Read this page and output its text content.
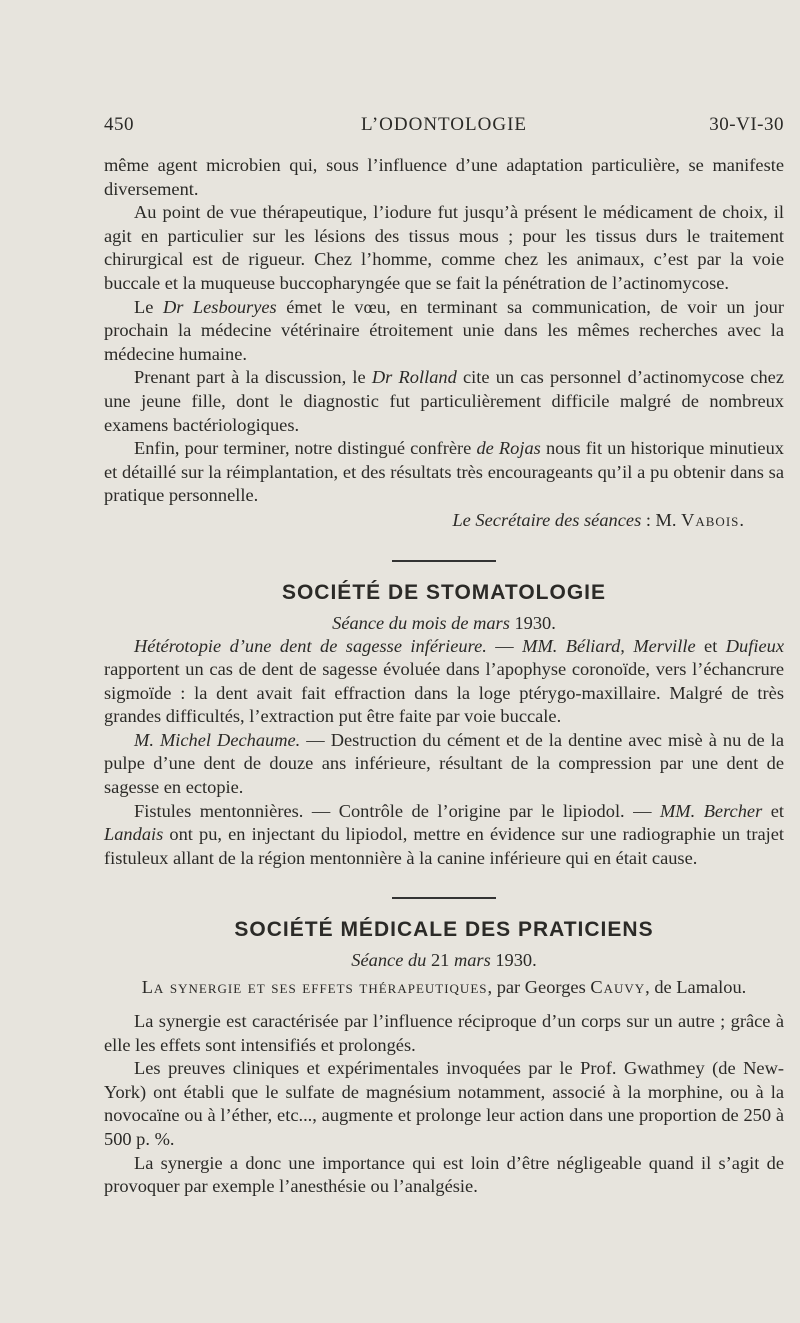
450	L’ODONTOLOGIE	30-VI-30

même agent microbien qui, sous l’influence d’une adaptation particulière, se manifeste diversement.

Au point de vue thérapeutique, l’iodure fut jusqu’à présent le médicament de choix, il agit en particulier sur les lésions des tissus mous ; pour les tissus durs le traitement chirurgical est de rigueur. Chez l’homme, comme chez les animaux, c’est par la voie buccale et la muqueuse buccopharyngée que se fait la pénétration de l’actinomycose.

Le Dr Lesbouryes émet le vœu, en terminant sa communication, de voir un jour prochain la médecine vétérinaire étroitement unie dans les mêmes recherches avec la médecine humaine.

Prenant part à la discussion, le Dr Rolland cite un cas personnel d’actinomycose chez une jeune fille, dont le diagnostic fut particulièrement difficile malgré de nombreux examens bactériologiques.

Enfin, pour terminer, notre distingué confrère de Rojas nous fit un historique minutieux et détaillé sur la réimplantation, et des résultats très encourageants qu’il a pu obtenir dans sa pratique personnelle.

Le Secrétaire des séances : M. Vabois.

SOCIÉTÉ DE STOMATOLOGIE
Séance du mois de mars 1930.

Hétérotopie d’une dent de sagesse inférieure. — MM. Béliard, Merville et Dufieux rapportent un cas de dent de sagesse évoluée dans l’apophyse coronoïde, vers l’échancrure sigmoïde : la dent avait fait effraction dans la loge ptérygo-maxillaire. Malgré de très grandes difficultés, l’extraction put être faite par voie buccale.

M. Michel Dechaume. — Destruction du cément et de la dentine avec misè à nu de la pulpe d’une dent de douze ans inférieure, résultant de la compression par une dent de sagesse en ectopie.

Fistules mentonnières. — Contrôle de l’origine par le lipiodol. — MM. Bercher et Landais ont pu, en injectant du lipiodol, mettre en évidence sur une radiographie un trajet fistuleux allant de la région mentonnière à la canine inférieure qui en était cause.

SOCIÉTÉ MÉDICALE DES PRATICIENS
Séance du 21 mars 1930.
La synergie et ses effets thérapeutiques, par Georges Cauvy, de Lamalou.

La synergie est caractérisée par l’influence réciproque d’un corps sur un autre ; grâce à elle les effets sont intensifiés et prolongés.

Les preuves cliniques et expérimentales invoquées par le Prof. Gwathmey (de New-York) ont établi que le sulfate de magnésium notamment, associé à la morphine, ou à la novocaïne ou à l’éther, etc..., augmente et prolonge leur action dans une proportion de 250 à 500 p. %.

La synergie a donc une importance qui est loin d’être négligeable quand il s’agit de provoquer par exemple l’anesthésie ou l’analgésie.
